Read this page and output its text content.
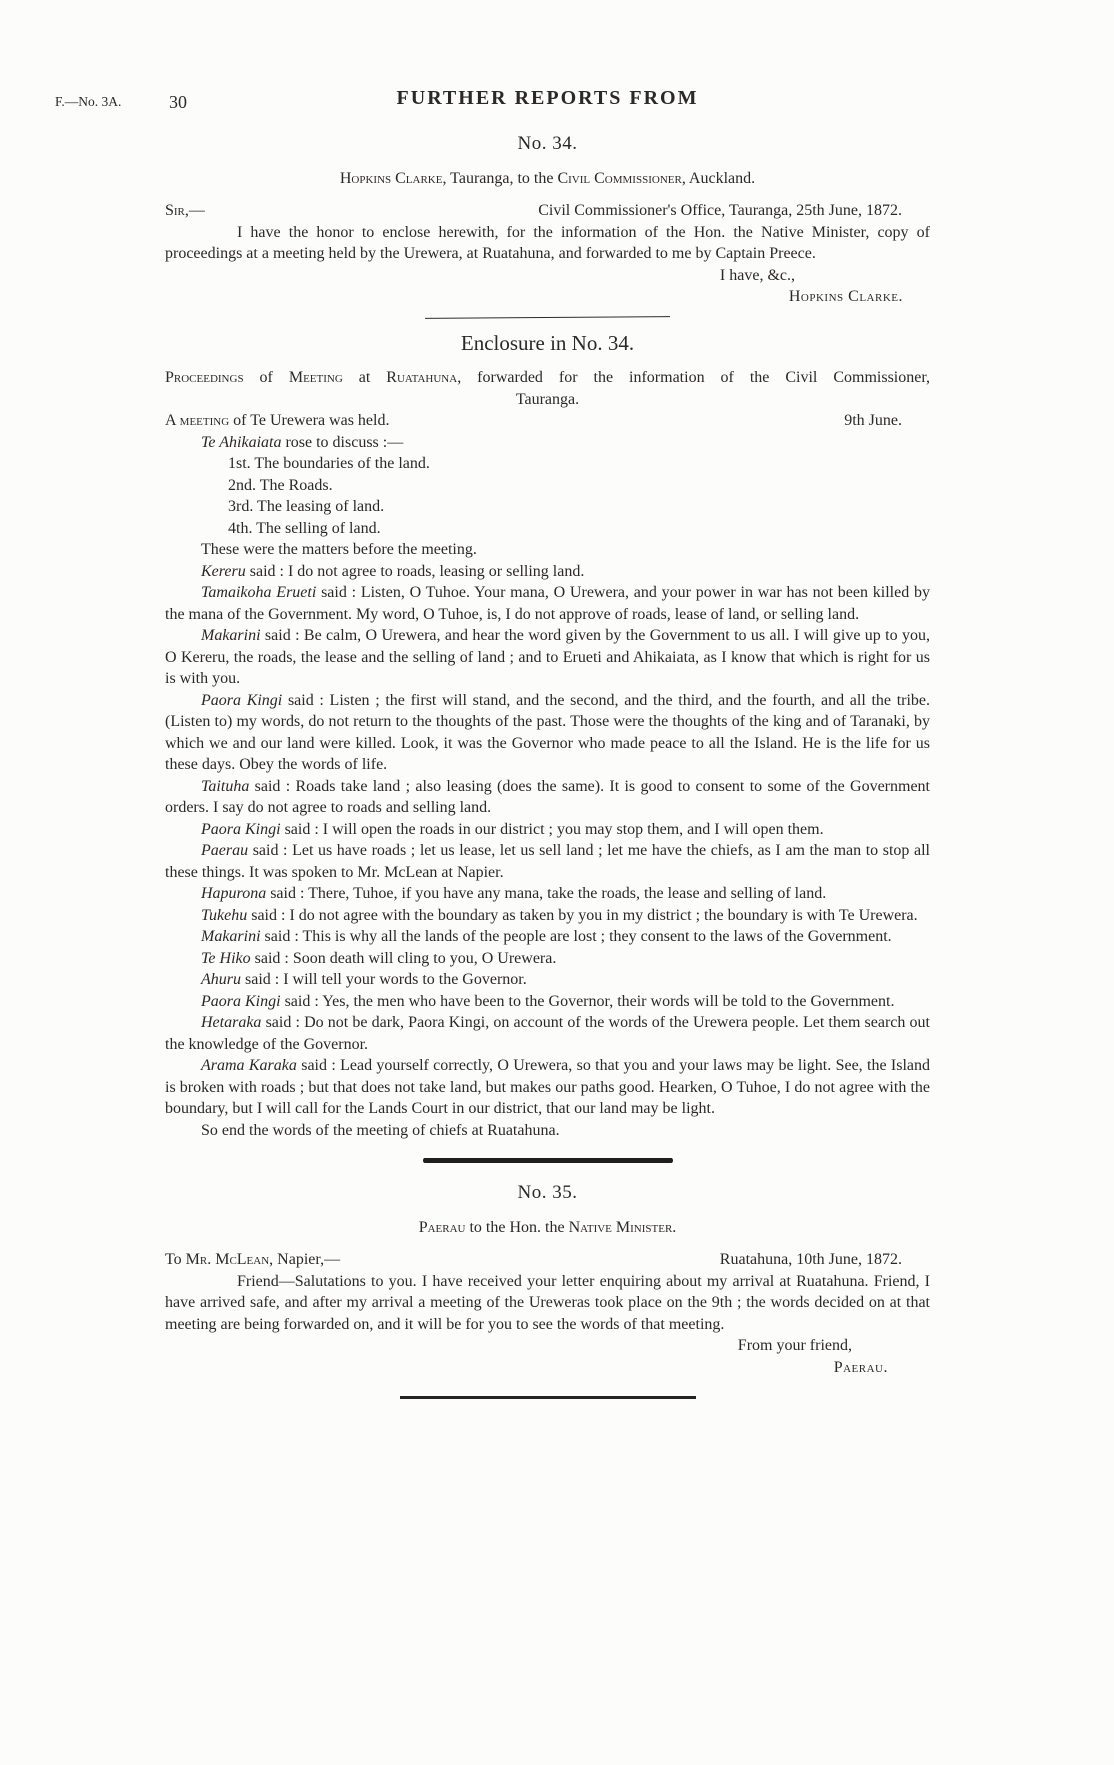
F.—No. 3A.	30	FURTHER REPORTS FROM
No. 34.

Hopkins Clarke, Tauranga, to the Civil Commissioner, Auckland.

Sir,—	Civil Commissioner's Office, Tauranga, 25th June, 1872.

I have the honor to enclose herewith, for the information of the Hon. the Native Minister, copy of proceedings at a meeting held by the Urewera, at Ruatahuna, and forwarded to me by Captain Preece.

I have, &c.,

Hopkins Clarke.

Enclosure in No. 34.

Proceedings of Meeting at Ruatahuna, forwarded for the information of the Civil Commissioner,

Tauranga.

A meeting of Te Urewera was held.	9th June.

Te Ahikaiata rose to discuss :—

1st. The boundaries of the land.
2nd. The Roads.
3rd. The leasing of land.
4th. The selling of land.

These were the matters before the meeting.

Kereru said : I do not agree to roads, leasing or selling land.

Tamaikoha Erueti said : Listen, O Tuhoe. Your mana, O Urewera, and your power in war has not been killed by the mana of the Government. My word, O Tuhoe, is, I do not approve of roads, lease of land, or selling land.

Makarini said : Be calm, O Urewera, and hear the word given by the Government to us all. I will give up to you, O Kereru, the roads, the lease and the selling of land ; and to Erueti and Ahikaiata, as I know that which is right for us is with you.

Paora Kingi said : Listen ; the first will stand, and the second, and the third, and the fourth, and all the tribe. (Listen to) my words, do not return to the thoughts of the past. Those were the thoughts of the king and of Taranaki, by which we and our land were killed. Look, it was the Governor who made peace to all the Island. He is the life for us these days. Obey the words of life.

Taituha said : Roads take land ; also leasing (does the same). It is good to consent to some of the Government orders. I say do not agree to roads and selling land.

Paora Kingi said : I will open the roads in our district ; you may stop them, and I will open them.

Paerau said : Let us have roads ; let us lease, let us sell land ; let me have the chiefs, as I am the man to stop all these things. It was spoken to Mr. McLean at Napier.

Hapurona said : There, Tuhoe, if you have any mana, take the roads, the lease and selling of land.

Tukehu said : I do not agree with the boundary as taken by you in my district ; the boundary is with Te Urewera.

Makarini said : This is why all the lands of the people are lost ; they consent to the laws of the Government.

Te Hiko said : Soon death will cling to you, O Urewera.

Ahuru said : I will tell your words to the Governor.

Paora Kingi said : Yes, the men who have been to the Governor, their words will be told to the Government.

Hetaraka said : Do not be dark, Paora Kingi, on account of the words of the Urewera people. Let them search out the knowledge of the Governor.

Arama Karaka said : Lead yourself correctly, O Urewera, so that you and your laws may be light. See, the Island is broken with roads ; but that does not take land, but makes our paths good. Hearken, O Tuhoe, I do not agree with the boundary, but I will call for the Lands Court in our district, that our land may be light.

So end the words of the meeting of chiefs at Ruatahuna.

No. 35.

Paerau to the Hon. the Native Minister.

To Mr. McLean, Napier,—	Ruatahuna, 10th June, 1872.

Friend—Salutations to you. I have received your letter enquiring about my arrival at Ruatahuna. Friend, I have arrived safe, and after my arrival a meeting of the Ureweras took place on the 9th ; the words decided on at that meeting are being forwarded on, and it will be for you to see the words of that meeting.

From your friend,

Paerau.
